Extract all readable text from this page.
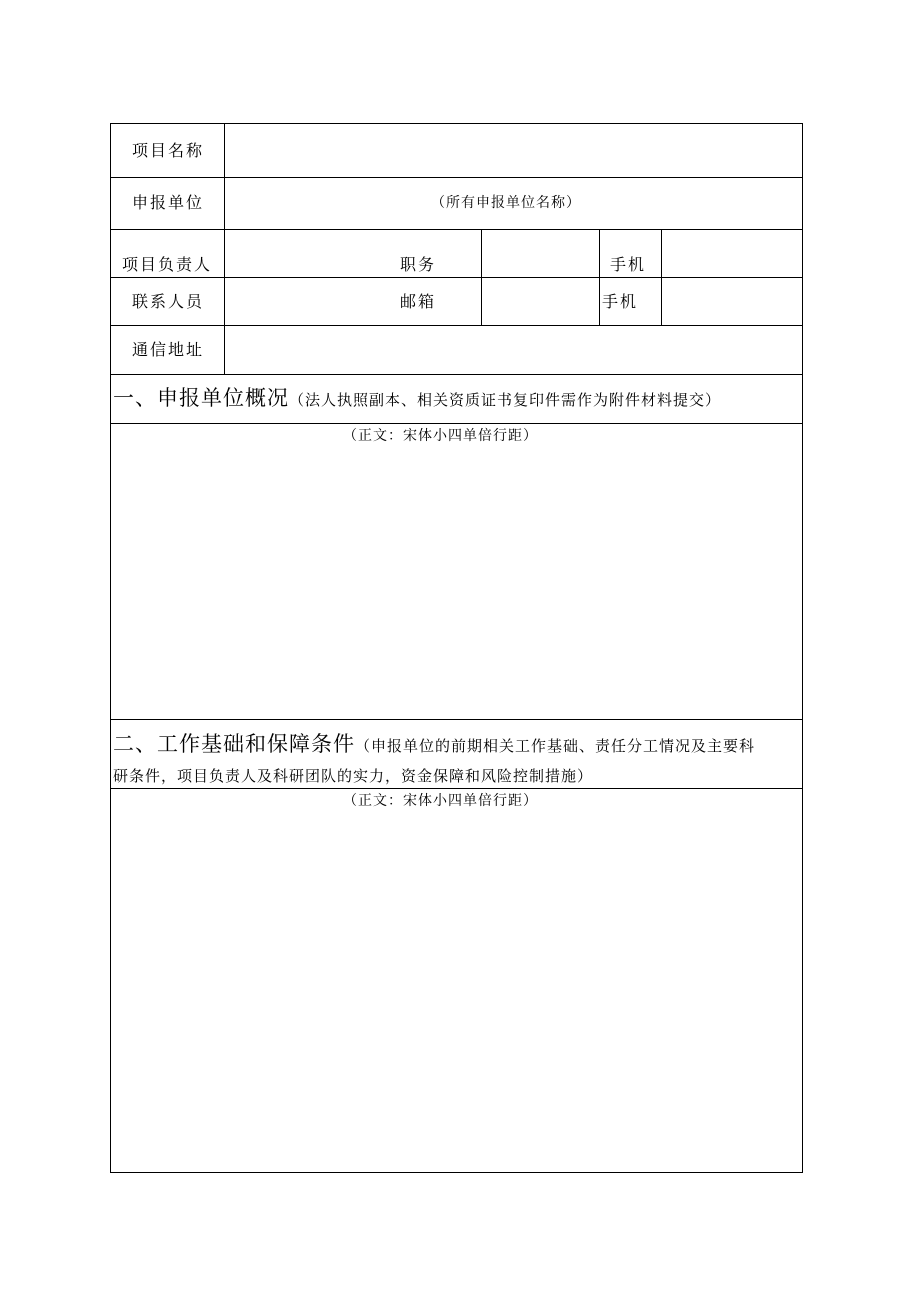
项目名称
申报单位	（所有申报单位名称）
项目负责人	职务	手机
联系人员	邮箱	手机
通信地址
一、申报单位概况（法人执照副本、相关资质证书复印件需作为附件材料提交）
（正文：宋体小四单倍行距）
二、工作基础和保障条件（申报单位的前期相关工作基础、责任分工情况及主要科
研条件，项目负责人及科研团队的实力，资金保障和风险控制措施）
（正文：宋体小四单倍行距）
